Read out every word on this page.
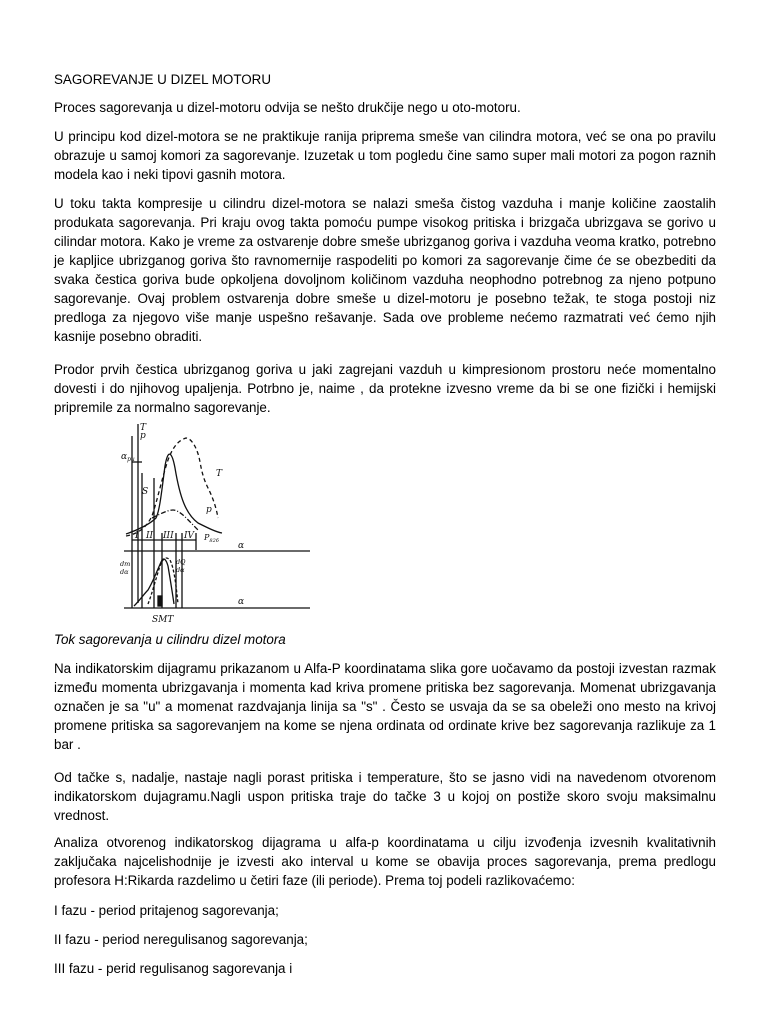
SAGOREVANJE U DIZEL MOTORU

Proces sagorevanja u dizel-motoru odvija se nešto drukčije nego u oto-motoru.

U principu kod dizel-motora se ne praktikuje ranija priprema smeše van cilindra motora, već se ona po pravilu obrazuje u samoj komori za sagorevanje. Izuzetak u tom pogledu čine samo super mali motori za pogon raznih modela kao i neki tipovi gasnih motora.

U toku takta kompresije u cilindru dizel-motora se nalazi smeša čistog vazduha i manje količine zaostalih produkata sagorevanja. Pri kraju ovog takta pomoću pumpe visokog pritiska i brizgača ubrizgava se gorivo u cilindar motora. Kako je vreme za ostvarenje dobre smeše ubrizganog goriva i vazduha veoma kratko, potrebno je kapljice ubrizganog goriva što ravnomernije raspodeliti po komori za sagorevanje čime će se obezbediti da svaka čestica goriva bude opkoljena dovoljnom količinom vazduha neophodno potrebnog za njeno potpuno sagorevanje. Ovaj problem ostvarenja dobre smeše u dizel-motoru je posebno težak, te stoga postoji niz predloga za njegovo više manje uspešno rešavanje. Sada ove probleme nećemo razmatrati već ćemo njih kasnije posebno obraditi.

Prodor prvih čestica ubrizganog goriva u jaki zagrejani vazduh u kimpresionom prostoru neće momentalno dovesti i do njihovog upaljenja. Potrbno je, naime , da protekne izvesno vreme da bi se one fizički i hemijski pripremile za normalno sagorevanje.

T
p
T
p
$\alpha_{pu}$
S
I II III IV $P_{82б}$ α
α
dm
dα
dQ
dα
SMT

Tok sagorevanja u cilindru dizel motora

Na indikatorskim dijagramu prikazanom u Alfa-P koordinatama slika gore uočavamo da postoji izvestan razmak između momenta ubrizgavanja i momenta kad kriva promene pritiska bez sagorevanja. Momenat ubrizgavanja označen je sa "u" a momenat razdvajanja linija sa "s" . Često se usvaja da se sa obeleži ono mesto na krivoj promene pritiska sa sagorevanjem na kome se njena ordinata od ordinate krive bez sagorevanja razlikuje za 1 bar .

Od tačke s, nadalje, nastaje nagli porast pritiska i temperature, što se jasno vidi na navedenom otvorenom indikatorskom dujagramu.Nagli uspon pritiska traje do tačke 3 u kojoj on postiže skoro svoju maksimalnu vrednost.

Analiza otvorenog indikatorskog dijagrama u alfa-p koordinatama u cilju izvođenja izvesnih kvalitativnih zaključaka najcelishodnije je izvesti ako interval u kome se obavija proces sagorevanja, prema predlogu profesora H:Rikarda razdelimo u četiri faze (ili periode). Prema toj podeli razlikovaćemo:

I fazu - period pritajenog sagorevanja;

II fazu - period neregulisanog sagorevanja;

III fazu - perid regulisanog sagorevanja i
